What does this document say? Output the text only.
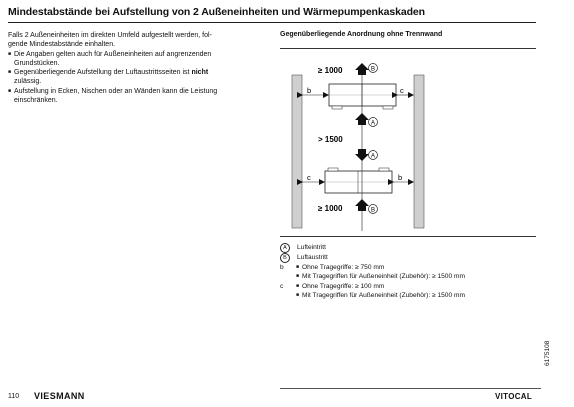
Mindestabstände bei Aufstellung von 2 Außeneinheiten und Wärmepumpenkaskaden

Falls 2 Außeneinheiten im direkten Umfeld aufgestellt werden, fol-
gende Mindestabstände einhalten.

■ Die Angaben gelten auch für Außeneinheiten auf angrenzenden
Grundstücken.
■ Gegenüberliegende Aufstellung der Luftaustrittsseiten ist nicht
zulässig.
■ Aufstellung in Ecken, Nischen oder an Wänden kann die Leistung
einschränken.
Gegenüberliegende Anordnung ohne Trennwand
≥ 1000
> 1500
≥ 1000
b	c
c	b
B
A
A
B
A	Lufteintritt
B	Luftaustritt
b	■ Ohne Tragegriffe: ≥ 750 mm
■ Mit Tragegriffen für Außeneinheit (Zubehör): ≥ 1500 mm
c	■ Ohne Tragegriffe: ≥ 100 mm
■ Mit Tragegriffen für Außeneinheit (Zubehör): ≥ 1500 mm
6175108
110 VIESMANN	VITOCAL
